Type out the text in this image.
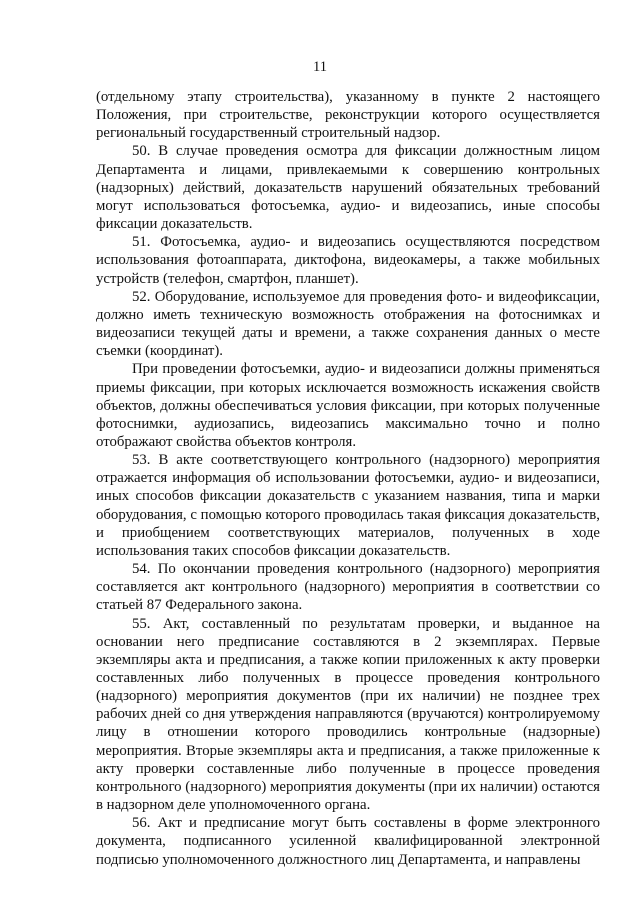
11

(отдельному этапу строительства), указанному в пункте 2 настоящего Положения, при строительстве, реконструкции которого осуществляется региональный государственный строительный надзор.

50. В случае проведения осмотра для фиксации должностным лицом Департамента и лицами, привлекаемыми к совершению контрольных (надзорных) действий, доказательств нарушений обязательных требований могут использоваться фотосъемка, аудио- и видеозапись, иные способы фиксации доказательств.

51. Фотосъемка, аудио- и видеозапись осуществляются посредством использования фотоаппарата, диктофона, видеокамеры, а также мобильных устройств (телефон, смартфон, планшет).

52. Оборудование, используемое для проведения фото- и видеофиксации, должно иметь техническую возможность отображения на фотоснимках и видеозаписи текущей даты и времени, а также сохранения данных о месте съемки (координат).

При проведении фотосъемки, аудио- и видеозаписи должны применяться приемы фиксации, при которых исключается возможность искажения свойств объектов, должны обеспечиваться условия фиксации, при которых полученные фотоснимки, аудиозапись, видеозапись максимально точно и полно отображают свойства объектов контроля.

53. В акте соответствующего контрольного (надзорного) мероприятия отражается информация об использовании фотосъемки, аудио- и видеозаписи, иных способов фиксации доказательств с указанием названия, типа и марки оборудования, с помощью которого проводилась такая фиксация доказательств, и приобщением соответствующих материалов, полученных в ходе использования таких способов фиксации доказательств.

54. По окончании проведения контрольного (надзорного) мероприятия составляется акт контрольного (надзорного) мероприятия в соответствии со статьей 87 Федерального закона.

55. Акт, составленный по результатам проверки, и выданное на основании него предписание составляются в 2 экземплярах. Первые экземпляры акта и предписания, а также копии приложенных к акту проверки составленных либо полученных в процессе проведения контрольного (надзорного) мероприятия документов (при их наличии) не позднее трех рабочих дней со дня утверждения направляются (вручаются) контролируемому лицу в отношении которого проводились контрольные (надзорные) мероприятия. Вторые экземпляры акта и предписания, а также приложенные к акту проверки составленные либо полученные в процессе проведения контрольного (надзорного) мероприятия документы (при их наличии) остаются в надзорном деле уполномоченного органа.

56. Акт и предписание могут быть составлены в форме электронного документа, подписанного усиленной квалифицированной электронной подписью уполномоченного должностного лиц Департамента, и направлены
